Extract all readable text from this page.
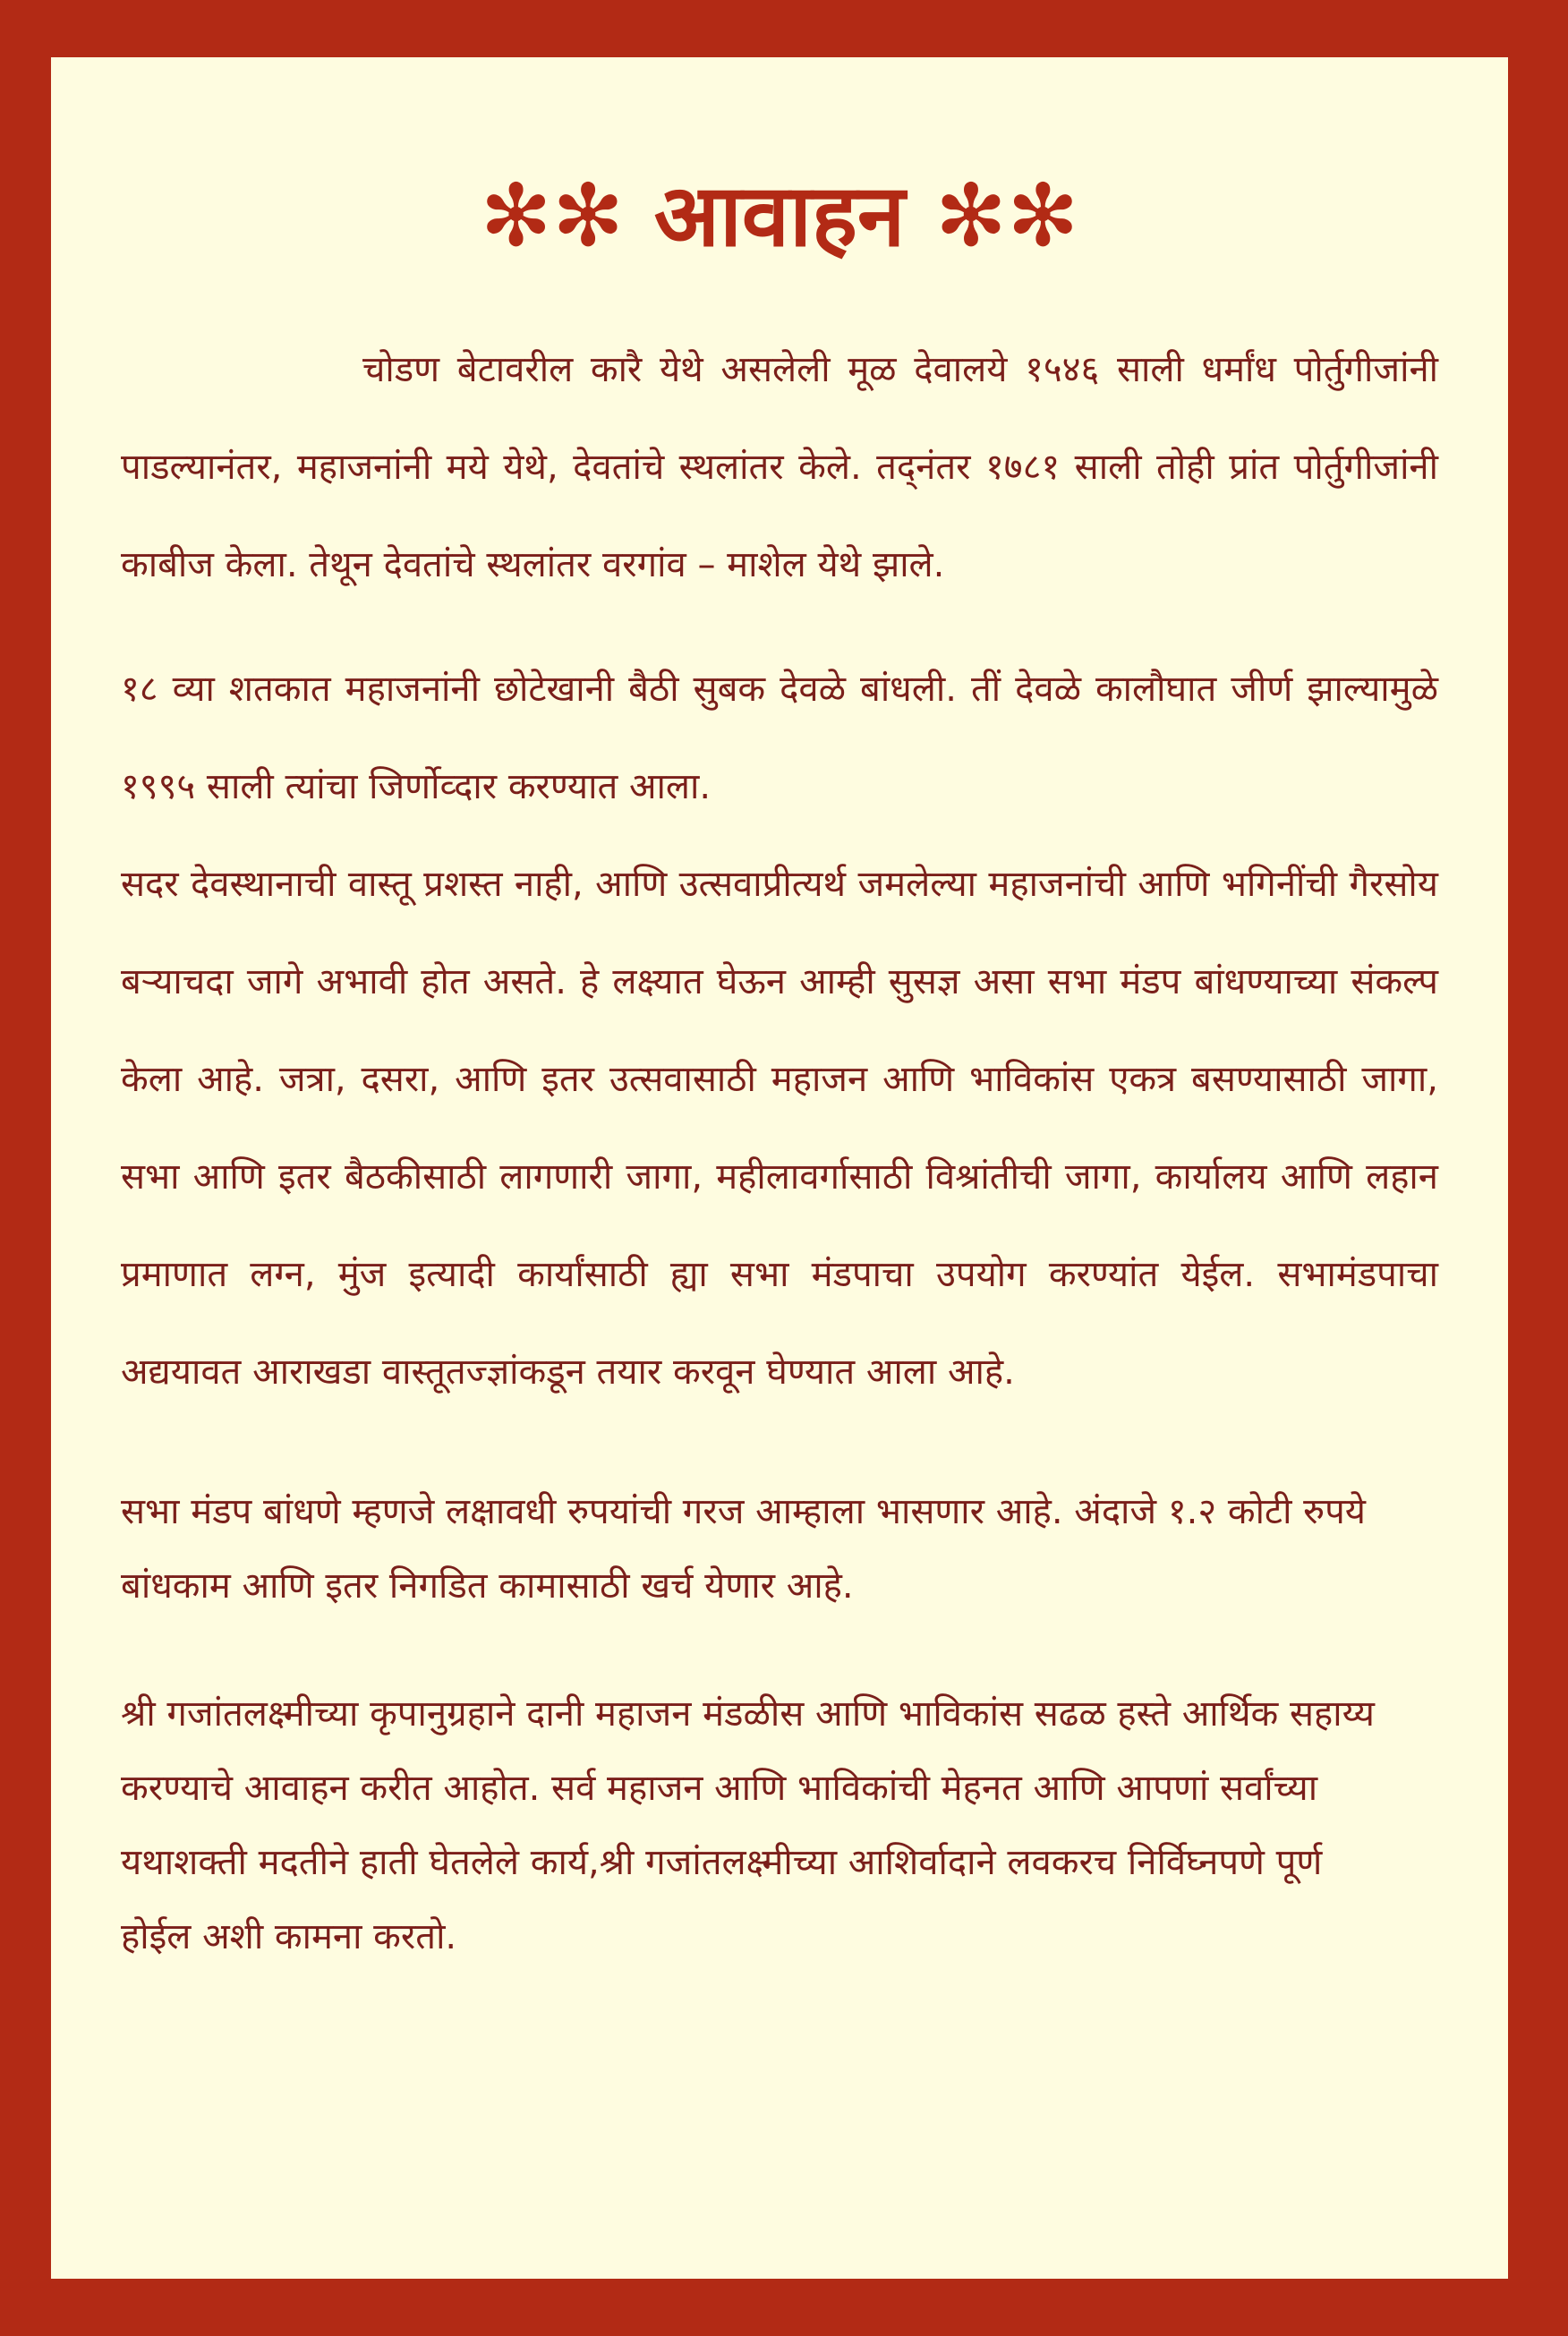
✻✻ आवाहन ✻✻

चोडण बेटावरील कारै येथे असलेली मूळ देवालये १५४६ साली धर्मांध पोर्तुगीजांनी पाडल्यानंतर, महाजनांनी मये येथे, देवतांचे स्थलांतर केले. तद्नंतर १७८१ साली तोही प्रांत पोर्तुगीजांनी काबीज केला. तेथून देवतांचे स्थलांतर वरगांव – माशेल येथे झाले.

१८ व्या शतकात महाजनांनी छोटेखानी बैठी सुबक देवळे बांधली. तीं देवळे कालौघात जीर्ण झाल्यामुळे १९९५ साली त्यांचा जिर्णोव्दार करण्यात आला.

सदर देवस्थानाची वास्तू प्रशस्त नाही, आणि उत्सवाप्रीत्यर्थ जमलेल्या महाजनांची आणि भगिनींची गैरसोय बऱ्याचदा जागे अभावी होत असते. हे लक्ष्यात घेऊन आम्ही सुसज्ञ असा सभा मंडप बांधण्याच्या संकल्प केला आहे. जत्रा, दसरा, आणि इतर उत्सवासाठी महाजन आणि भाविकांस एकत्र बसण्यासाठी जागा, सभा आणि इतर बैठकीसाठी लागणारी जागा, महीलावर्गासाठी विश्रांतीची जागा, कार्यालय आणि लहान प्रमाणात लग्न, मुंज इत्यादी कार्यांसाठी ह्या सभा मंडपाचा उपयोग करण्यांत येईल. सभामंडपाचा अद्ययावत आराखडा वास्तूतज्ज्ञांकडून तयार करवून घेण्यात आला आहे.

सभा मंडप बांधणे म्हणजे लक्षावधी रुपयांची गरज आम्हाला भासणार आहे. अंदाजे १.२ कोटी रुपये बांधकाम आणि इतर निगडित कामासाठी खर्च येणार आहे.

श्री गजांतलक्ष्मीच्या कृपानुग्रहाने दानी महाजन मंडळीस आणि भाविकांस सढळ हस्ते आर्थिक सहाय्य करण्याचे आवाहन करीत आहोत. सर्व महाजन आणि भाविकांची मेहनत आणि आपणां सर्वांच्या यथाशक्ती मदतीने हाती घेतलेले कार्य,श्री गजांतलक्ष्मीच्या आशिर्वादाने लवकरच निर्विघ्नपणे पूर्ण होईल अशी कामना करतो.
